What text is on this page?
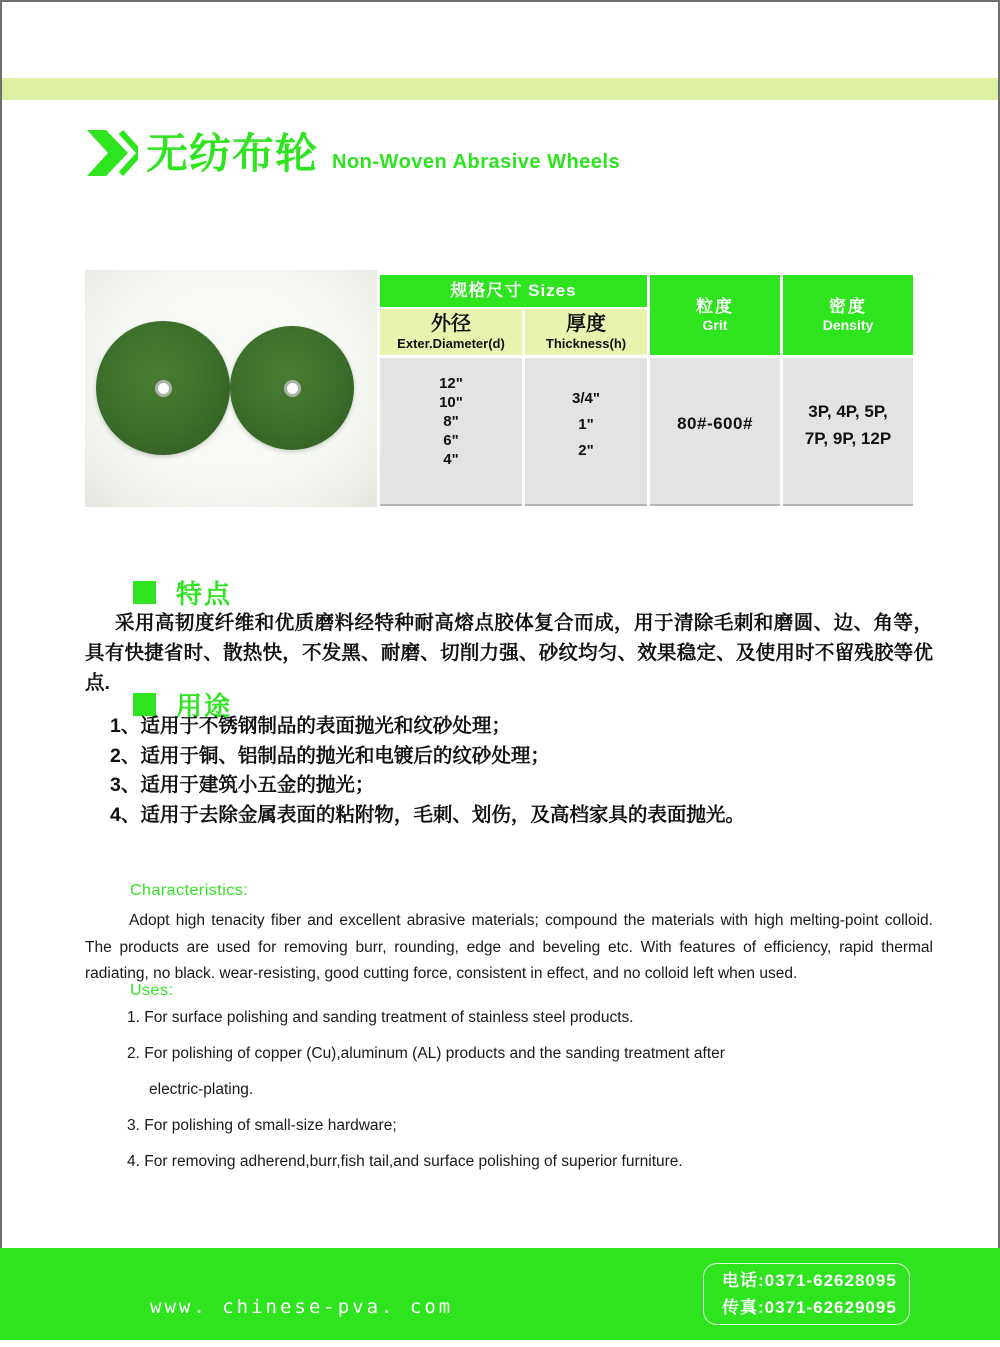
无纺布轮 Non-Woven Abrasive Wheels
规格尺寸 Sizes
外径
Exter.Diameter(d)
厚度
Thickness(h)
12"
10"
8"
6"
4"
3/4"
1"
2"
粒度
Grit
80#-600#
密度
Density
3P, 4P, 5P,
7P, 9P, 12P
特点
采用高韧度纤维和优质磨料经特种耐高熔点胶体复合而成，用于清除毛刺和磨圆、边、角等，具有快捷省时、散热快，不发黑、耐磨、切削力强、砂纹均匀、效果稳定、及使用时不留残胶等优点.
用途
1、适用于不锈钢制品的表面抛光和纹砂处理；
2、适用于铜、铝制品的抛光和电镀后的纹砂处理；
3、适用于建筑小五金的抛光；
4、适用于去除金属表面的粘附物，毛刺、划伤，及高档家具的表面抛光。
Characteristics:
Adopt high tenacity fiber and excellent abrasive materials; compound the materials with high melting-point colloid. The products are used for removing burr, rounding, edge and beveling etc. With features of efficiency, rapid thermal radiating, no black. wear-resisting, good cutting force, consistent in effect, and no colloid left when used.
Uses:
1. For surface polishing and sanding treatment of stainless steel products.
2. For polishing of copper (Cu),aluminum (AL) products and the sanding treatment after
electric-plating.
3. For polishing of small-size hardware;
4. For removing adherend,burr,fish tail,and surface polishing of superior furniture.
www. chinese-pva. com
电话:0371-62628095
传真:0371-62629095
